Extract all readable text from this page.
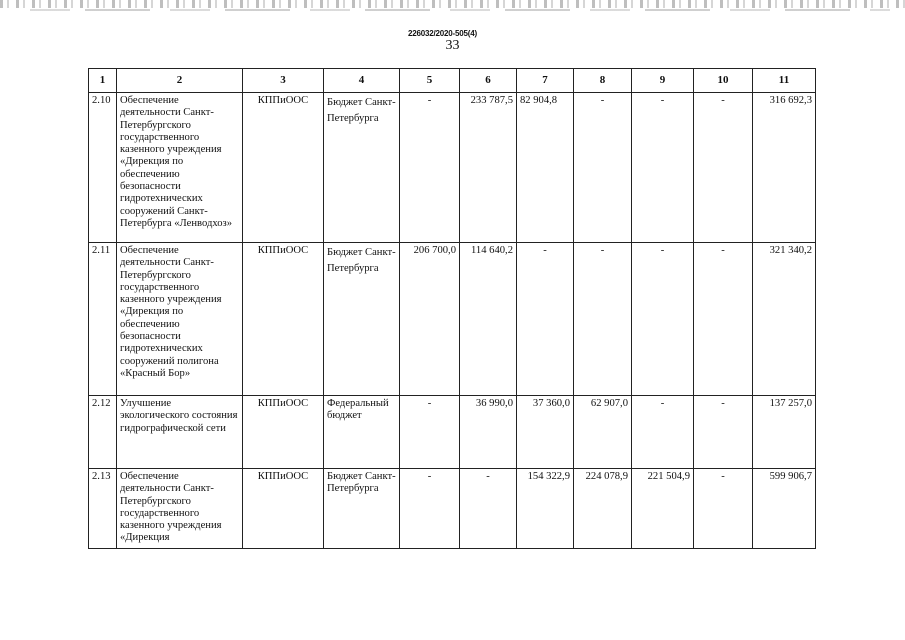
226032/2020-505(4)
33
1	2	3	4	5	6	7	8	9	10	11
2.10	Обеспечение деятельности Санкт-Петербургского государственного казенного учреждения «Дирекция по обеспечению безопасности гидротехнических сооружений Санкт-Петербурга «Ленводхоз»	КППиООС	Бюджет Санкт-Петербурга	-	233 787,5	82 904,8	-	-	-	316 692,3
2.11	Обеспечение деятельности Санкт-Петербургского государственного казенного учреждения «Дирекция по обеспечению безопасности гидротехнических сооружений полигона «Красный Бор»	КППиООС	Бюджет Санкт-Петербурга	206 700,0	114 640,2	-	-	-	-	321 340,2
2.12	Улучшение экологического состояния гидрографической сети	КППиООС	Федеральный бюджет	-	36 990,0	37 360,0	62 907,0	-	-	137 257,0
2.13	Обеспечение деятельности Санкт-Петербургского государственного казенного учреждения «Дирекция	КППиООС	Бюджет Санкт-Петербурга	-	-	154 322,9	224 078,9	221 504,9	-	599 906,7
